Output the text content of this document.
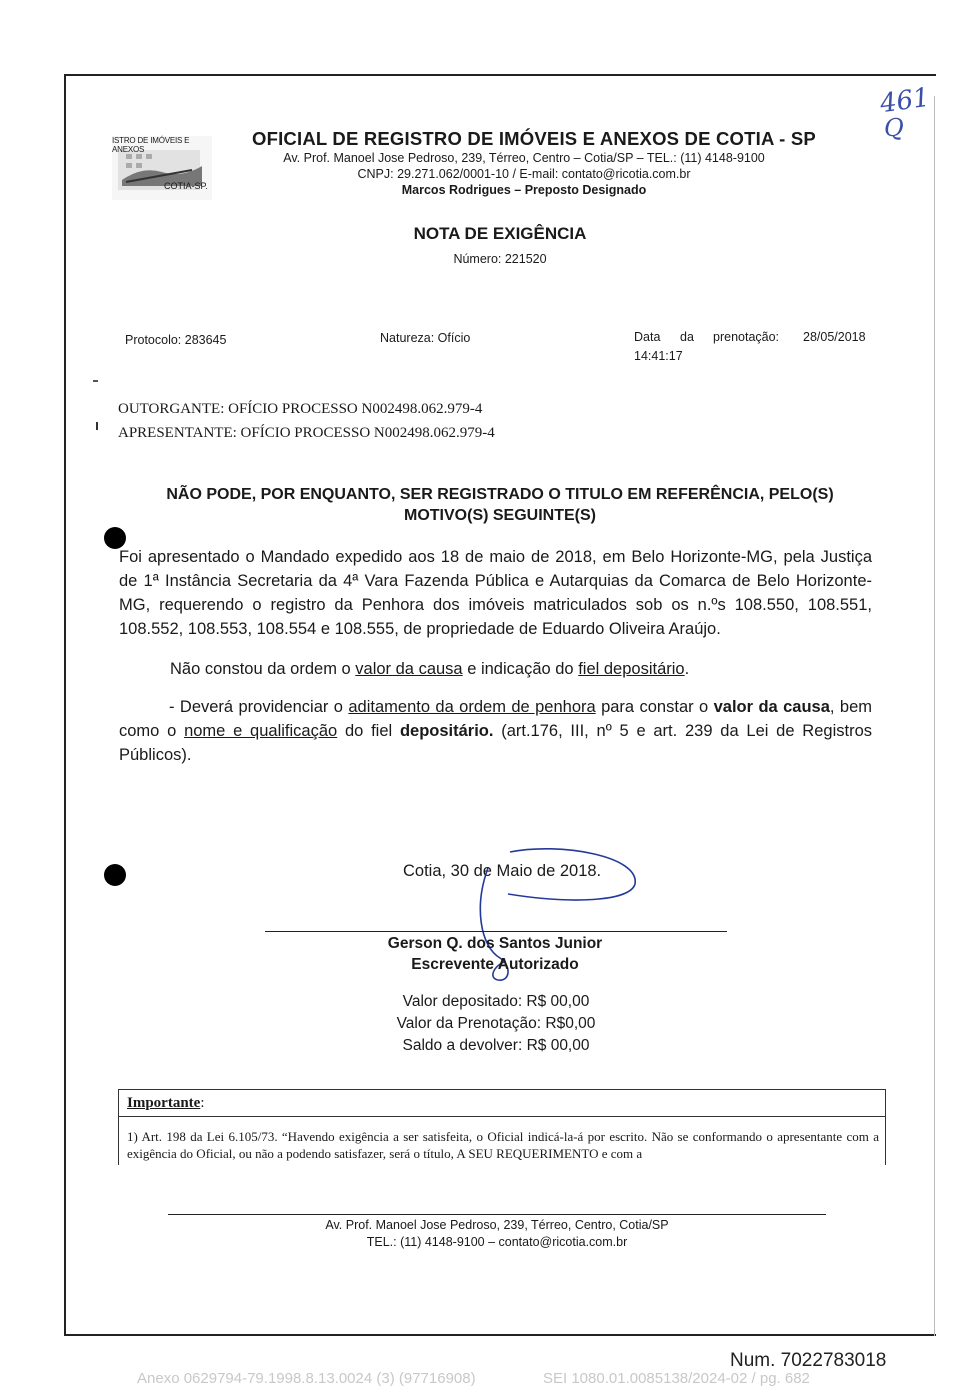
ISTRO DE IMÓVEIS E ANEXOS
COTIA-SP.
461
Q
OFICIAL DE REGISTRO DE IMÓVEIS E ANEXOS DE COTIA - SP
Av. Prof. Manoel Jose Pedroso, 239, Térreo, Centro – Cotia/SP – TEL.: (11) 4148-9100
CNPJ: 29.271.062/0001-10 / E-mail: contato@ricotia.com.br
Marcos Rodrigues – Preposto Designado
NOTA DE EXIGÊNCIA
Número: 221520
Protocolo: 283645	Natureza: Ofício	Data da prenotação: 28/05/2018
14:41:17
OUTORGANTE: OFÍCIO PROCESSO N002498.062.979-4
APRESENTANTE: OFÍCIO PROCESSO N002498.062.979-4
NÃO PODE, POR ENQUANTO, SER REGISTRADO O TITULO EM REFERÊNCIA, PELO(S)
MOTIVO(S) SEGUINTE(S)
Foi apresentado o Mandado expedido aos 18 de maio de 2018, em Belo Horizonte-MG, pela Justiça de 1ª Instância Secretaria da 4ª Vara Fazenda Pública e Autarquias da Comarca de Belo Horizonte-MG, requerendo o registro da Penhora dos imóveis matriculados sob os n.ºs 108.550, 108.551, 108.552, 108.553, 108.554 e 108.555, de propriedade de Eduardo Oliveira Araújo.
Não constou da ordem o valor da causa e indicação do fiel depositário.
- Deverá providenciar o aditamento da ordem de penhora para constar o valor da causa, bem como o nome e qualificação do fiel depositário. (art.176, III, nº 5 e art. 239 da Lei de Registros Públicos).
Cotia, 30 de Maio de 2018.
Gerson Q. dos Santos Junior
Escrevente Autorizado
Valor depositado: R$ 00,00
Valor da Prenotação: R$0,00
Saldo a devolver: R$ 00,00
Importante:
1) Art. 198 da Lei 6.105/73. “Havendo exigência a ser satisfeita, o Oficial indicá-la-á por escrito. Não se conformando o apresentante com a exigência do Oficial, ou não a podendo satisfazer, será o título, A SEU REQUERIMENTO e com a
Av. Prof. Manoel Jose Pedroso, 239, Térreo, Centro, Cotia/SP
TEL.: (11) 4148-9100 – contato@ricotia.com.br
Num. 7022783018
Anexo 0629794-79.1998.8.13.0024 (3) (97716908)	SEI 1080.01.0085138/2024-02 / pg. 682
